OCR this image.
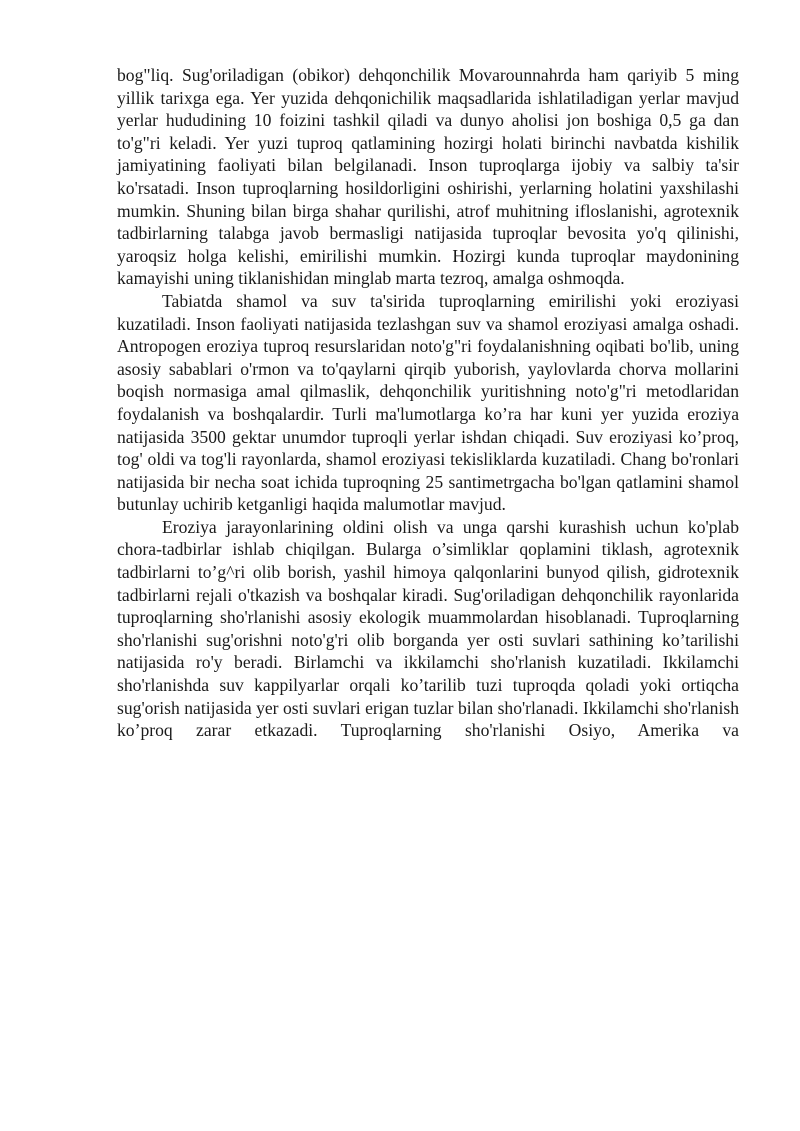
bog"liq. Sug'oriladigan (obikor) dehqonchilik Movarounnahrda ham qariyib 5 ming yillik tarixga ega. Yer yuzida dehqonichilik maqsadlarida ishlatiladigan yerlar mavjud yerlar hududining 10 foizini tashkil qiladi va dunyo aholisi jon boshiga 0,5 ga dan to'g"ri keladi. Yer yuzi tuproq qatlamining hozirgi holati birinchi navbatda kishilik jamiyatining faoliyati bilan belgilanadi. Inson tuproqlarga ijobiy va salbiy ta'sir ko'rsatadi. Inson tuproqlarning hosildorligini oshirishi, yerlarning holatini yaxshilashi mumkin. Shuning bilan birga shahar qurilishi, atrof muhitning ifloslanishi, agrotexnik tadbirlarning talabga javob bermasligi natijasida tuproqlar bevosita yo'q qilinishi, yaroqsiz holga kelishi, emirilishi mumkin. Hozirgi kunda tuproqlar maydonining kamayishi uning tiklanishidan minglab marta tezroq, amalga oshmoqda.

Tabiatda shamol va suv ta'sirida tuproqlarning emirilishi yoki eroziyasi kuzatiladi. Inson faoliyati natijasida tezlashgan suv va shamol eroziyasi amalga oshadi. Antropogen eroziya tuproq resurslaridan noto'g"ri foydalanishning oqibati bo'lib, uning asosiy sabablari o'rmon va to'qaylarni qirqib yuborish, yaylovlarda chorva mollarini boqish normasiga amal qilmaslik, dehqonchilik yuritishning noto'g"ri metodlaridan foydalanish va boshqalardir. Turli ma'lumotlarga ko’ra har kuni yer yuzida eroziya natijasida 3500 gektar unumdor tuproqli yerlar ishdan chiqadi. Suv eroziyasi ko’proq, tog' oldi va tog'li rayonlarda, shamol eroziyasi tekisliklarda kuzatiladi. Chang bo'ronlari natijasida bir necha soat ichida tuproqning 25 santimetrgacha bo'lgan qatlamini shamol butunlay uchirib ketganligi haqida malumotlar mavjud.

Eroziya jarayonlarining oldini olish va unga qarshi kurashish uchun ko'plab chora-tadbirlar ishlab chiqilgan. Bularga o’simliklar qoplamini tiklash, agrotexnik tadbirlarni to’g^ri olib borish, yashil himoya qalqonlarini bunyod qilish, gidrotexnik tadbirlarni rejali o'tkazish va boshqalar kiradi. Sug'oriladigan dehqonchilik rayonlarida tuproqlarning sho'rlanishi asosiy ekologik muammolardan hisoblanadi. Tuproqlarning sho'rlanishi sug'orishni noto'g'ri olib borganda yer osti suvlari sathining ko’tarilishi natijasida ro'y beradi. Birlamchi va ikkilamchi sho'rlanish kuzatiladi. Ikkilamchi sho'rlanishda suv kappilyarlar orqali ko’tarilib tuzi tuproqda qoladi yoki ortiqcha sug'orish natijasida yer osti suvlari erigan tuzlar bilan sho'rlanadi. Ikkilamchi sho'rlanish ko’proq zarar etkazadi. Tuproqlarning sho'rlanishi Osiyo, Amerika va
